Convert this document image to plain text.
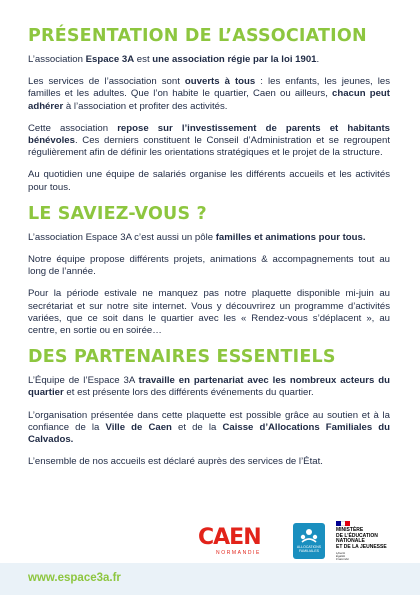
PRÉSENTATION DE L’ASSOCIATION

L’association Espace 3A est une association régie par la loi 1901.

Les services de l’association sont ouverts à tous : les enfants, les jeunes, les familles et les adultes. Que l’on habite le quartier, Caen ou ailleurs, chacun peut adhérer à l’association et profiter des activités.

Cette association repose sur l’investissement de parents et habitants bénévoles. Ces derniers constituent le Conseil d’Administration et se regroupent régulièrement afin de définir les orientations stratégiques et le projet de la structure.

Au quotidien une équipe de salariés organise les différents accueils et les activités pour tous.

LE SAVIEZ-VOUS ?

L’association Espace 3A c’est aussi un pôle familles et animations pour tous.

Notre équipe propose différents projets, animations & accompagnements tout au long de l’année.

Pour la période estivale ne manquez pas notre plaquette disponible mi-juin au secrétariat et sur notre site internet. Vous y découvrirez un programme d’activités variées, que ce soit dans le quartier avec les « Rendez-vous s’déplacent », au centre, en sortie ou en soirée…

DES PARTENAIRES ESSENTIELS

L’Équipe de l’Espace 3A travaille en partenariat avec les nombreux acteurs du quartier et est présente lors des différents événements du quartier.

L’organisation présentée dans cette plaquette est possible grâce au soutien et à la confiance de la Ville de Caen et de la Caisse d’Allocations Familiales du Calvados.

L’ensemble de nos accueils est déclaré auprès des services de l’État.

CAEN
NORMANDIE
ALLOCATIONS FAMILIALES
MINISTÈRE
DE L’ÉDUCATION
NATIONALE
ET DE LA JEUNESSE
Liberté
Égalité
Fraternité
www.espace3a.fr
